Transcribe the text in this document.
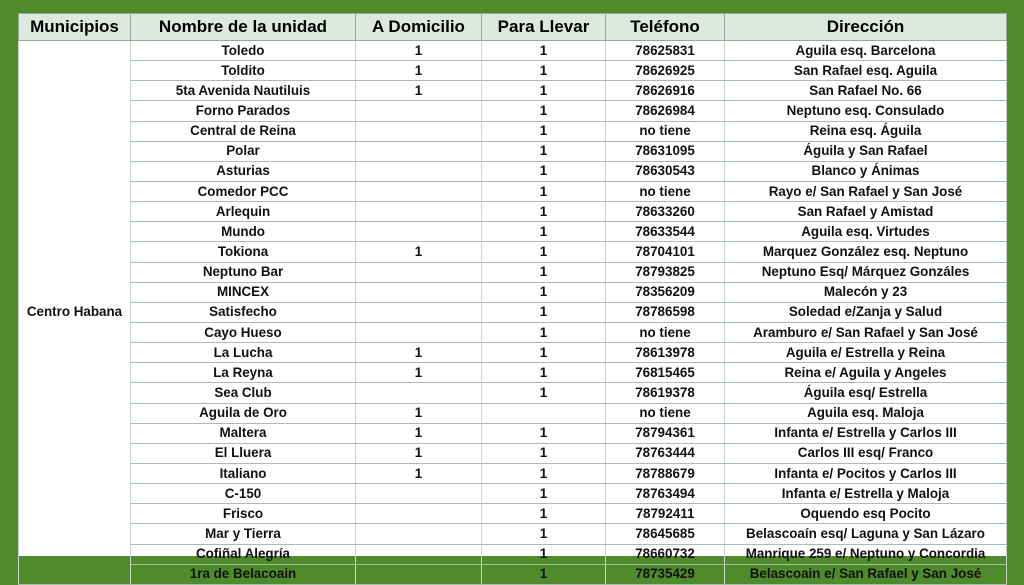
Municipios	Nombre de la unidad	A Domicilio	Para Llevar	Teléfono	Dirección
Centro Habana	Toledo	1	1	78625831	Aguila esq. Barcelona
	Toldito	1	1	78626925	San Rafael esq. Aguila
	5ta Avenida Nautiluis	1	1	78626916	San Rafael No. 66
	Forno Parados		1	78626984	Neptuno esq. Consulado
	Central de Reina		1	no tiene	Reina esq. Águila
	Polar		1	78631095	Águila y San Rafael
	Asturias		1	78630543	Blanco y Ánimas
	Comedor PCC		1	no tiene	Rayo e/ San Rafael y San José
	Arlequin		1	78633260	San Rafael y Amistad
	Mundo		1	78633544	Aguila esq. Virtudes
	Tokiona	1	1	78704101	Marquez González esq. Neptuno
	Neptuno Bar		1	78793825	Neptuno Esq/ Márquez Gonzáles
	MINCEX		1	78356209	Malecón y 23
	Satisfecho		1	78786598	Soledad e/Zanja y Salud
	Cayo Hueso		1	no tiene	Aramburo e/ San Rafael y San José
	La Lucha	1	1	78613978	Aguila e/ Estrella y Reina
	La Reyna	1	1	76815465	Reina e/ Aguila y Angeles
	Sea Club		1	78619378	Águila esq/ Estrella
	Aguila de Oro	1		no tiene	Aguila esq. Maloja
	Maltera	1	1	78794361	Infanta e/ Estrella y Carlos III
	El Lluera	1	1	78763444	Carlos III esq/ Franco
	Italiano	1	1	78788679	Infanta e/ Pocitos y Carlos III
	C-150		1	78763494	Infanta e/ Estrella y Maloja
	Frisco		1	78792411	Oquendo esq Pocito
	Mar y Tierra		1	78645685	Belascoaín esq/ Laguna y San Lázaro
	Cofiñal Alegría		1	78660732	Manrique 259 e/ Neptuno y Concordia
	1ra de Belacoain		1	78735429	Belascoain e/ San Rafael y San José
